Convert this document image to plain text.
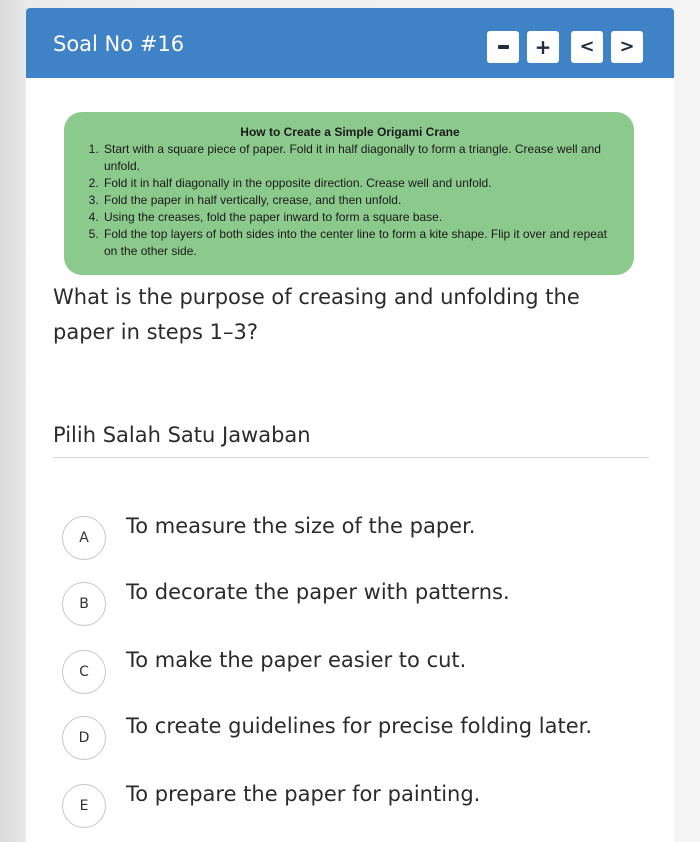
Soal No #16	+ < >
How to Create a Simple Origami Crane
1. Start with a square piece of paper. Fold it in half diagonally to form a triangle. Crease well and unfold.
2. Fold it in half diagonally in the opposite direction. Crease well and unfold.
3. Fold the paper in half vertically, crease, and then unfold.
4. Using the creases, fold the paper inward to form a square base.
5. Fold the top layers of both sides into the center line to form a kite shape. Flip it over and repeat on the other side.
What is the purpose of creasing and unfolding the paper in steps 1–3?
Pilih Salah Satu Jawaban
A	To measure the size of the paper.
B	To decorate the paper with patterns.
C	To make the paper easier to cut.
D	To create guidelines for precise folding later.
E	To prepare the paper for painting.
